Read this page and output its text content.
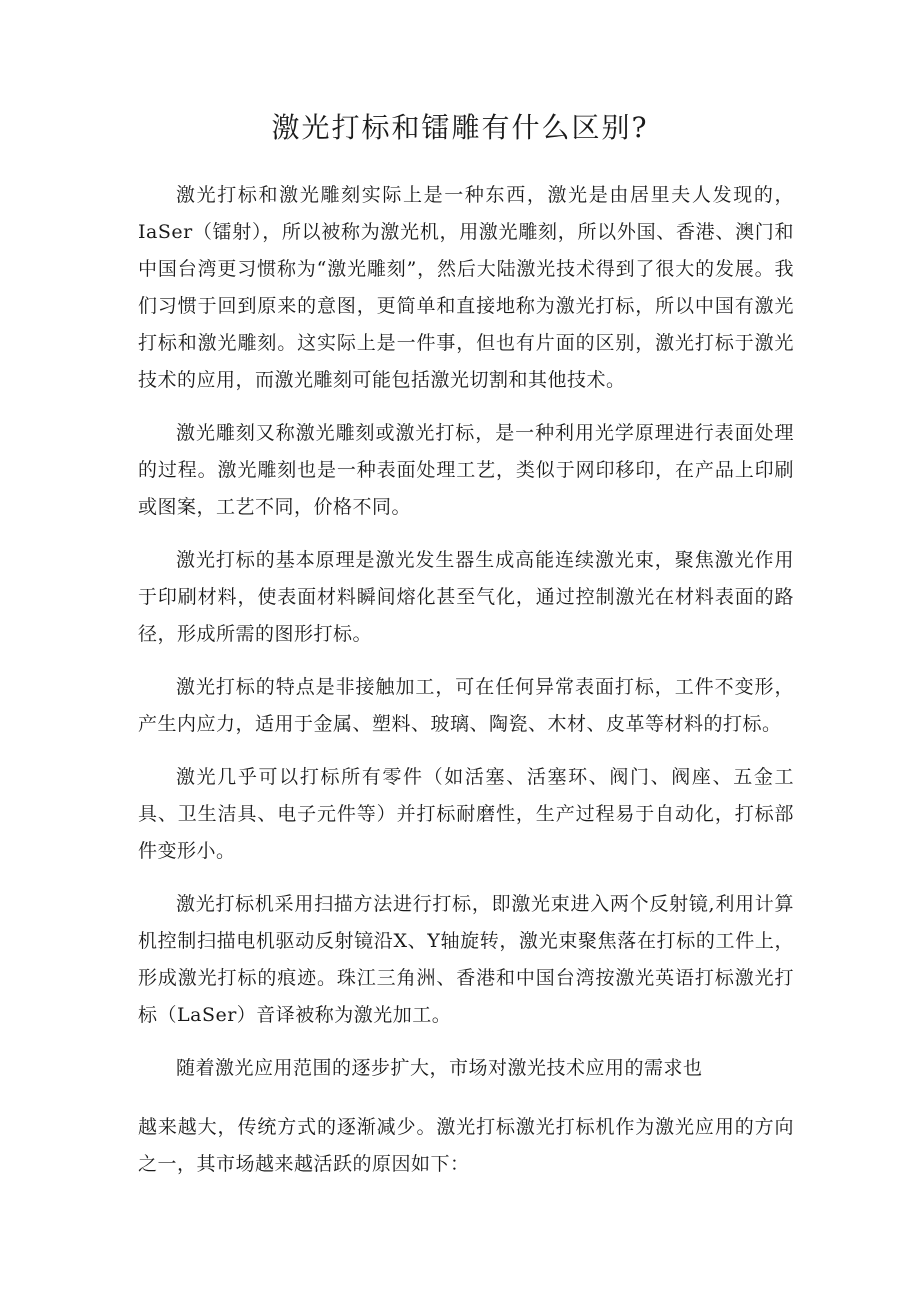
激光打标和镭雕有什么区别?

激光打标和激光雕刻实际上是一种东西，激光是由居里夫人发现的，IaSer（镭射），所以被称为激光机，用激光雕刻，所以外国、香港、澳门和中国台湾更习惯称为“激光雕刻”，然后大陆激光技术得到了很大的发展。我们习惯于回到原来的意图，更简单和直接地称为激光打标，所以中国有激光打标和激光雕刻。这实际上是一件事，但也有片面的区别，激光打标于激光技术的应用，而激光雕刻可能包括激光切割和其他技术。

激光雕刻又称激光雕刻或激光打标，是一种利用光学原理进行表面处理的过程。激光雕刻也是一种表面处理工艺，类似于网印移印，在产品上印刷或图案，工艺不同，价格不同。

激光打标的基本原理是激光发生器生成高能连续激光束，聚焦激光作用于印刷材料，使表面材料瞬间熔化甚至气化，通过控制激光在材料表面的路径，形成所需的图形打标。

激光打标的特点是非接触加工，可在任何异常表面打标，工件不变形，产生内应力，适用于金属、塑料、玻璃、陶瓷、木材、皮革等材料的打标。

激光几乎可以打标所有零件（如活塞、活塞环、阀门、阀座、五金工具、卫生洁具、电子元件等）并打标耐磨性，生产过程易于自动化，打标部件变形小。

激光打标机采用扫描方法进行打标，即激光束进入两个反射镜,利用计算机控制扫描电机驱动反射镜沿X、Y轴旋转，激光束聚焦落在打标的工件上，形成激光打标的痕迹。珠江三角洲、香港和中国台湾按激光英语打标激光打标（LaSer）音译被称为激光加工。

随着激光应用范围的逐步扩大，市场对激光技术应用的需求也

越来越大，传统方式的逐渐减少。激光打标激光打标机作为激光应用的方向之一，其市场越来越活跃的原因如下：
